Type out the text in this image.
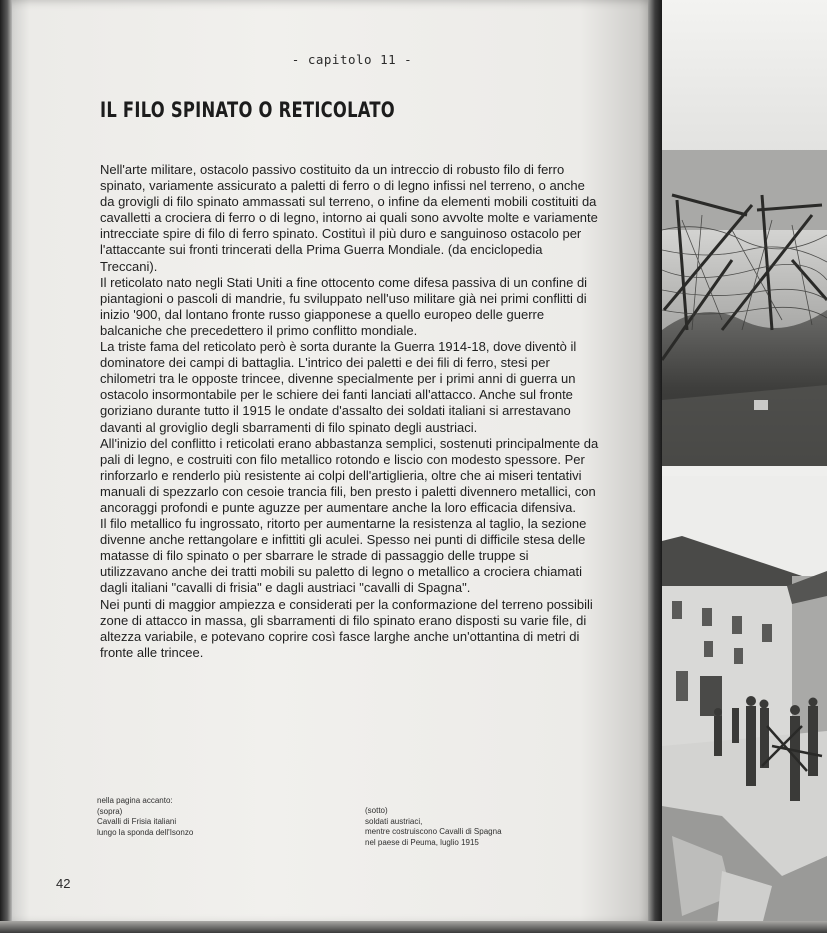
- capitolo 11 -
IL FILO SPINATO O RETICOLATO

Nell'arte militare, ostacolo passivo costituito da un intreccio di robusto filo di ferro spinato, variamente assicurato a paletti di ferro o di legno infissi nel terreno, o anche da grovigli di filo spinato ammassati sul terreno, o infine da elementi mobili costituiti da cavalletti a crociera di ferro o di legno, intorno ai quali sono avvolte molte e variamente intrecciate spire di filo di ferro spinato. Costituì il più duro e sanguinoso ostacolo per l'attaccante sui fronti trincerati della Prima Guerra Mondiale. (da enciclopedia Treccani).

Il reticolato nato negli Stati Uniti a fine ottocento come difesa passiva di un confine di piantagioni o pascoli di mandrie, fu sviluppato nell'uso militare già nei primi conflitti di inizio '900, dal lontano fronte russo giapponese a quello europeo delle guerre balcaniche che precedettero il primo conflitto mondiale.

La triste fama del reticolato però è sorta durante la Guerra 1914-18, dove diventò il dominatore dei campi di battaglia. L'intrico dei paletti e dei fili di ferro, stesi per chilometri tra le opposte trincee, divenne specialmente per i primi anni di guerra un ostacolo insormontabile per le schiere dei fanti lanciati all'attacco. Anche sul fronte goriziano durante tutto il 1915 le ondate d'assalto dei soldati italiani si arrestavano davanti al groviglio degli sbarramenti di filo spinato degli austriaci.

All'inizio del conflitto i reticolati erano abbastanza semplici, sostenuti principalmente da pali di legno, e costruiti con filo metallico rotondo e liscio con modesto spessore. Per rinforzarlo e renderlo più resistente ai colpi dell'artiglieria, oltre che ai miseri tentativi manuali di spezzarlo con cesoie trancia fili, ben presto i paletti divennero metallici, con ancoraggi profondi e punte aguzze per aumentare anche la loro efficacia difensiva.

Il filo metallico fu ingrossato, ritorto per aumentarne la resistenza al taglio, la sezione divenne anche rettangolare e infittiti gli aculei. Spesso nei punti di difficile stesa delle matasse di filo spinato o per sbarrare le strade di passaggio delle truppe si utilizzavano anche dei tratti mobili su paletto di legno o metallico a crociera chiamati dagli italiani "cavalli di frisia" e dagli austriaci "cavalli di Spagna".

Nei punti di maggior ampiezza e considerati per la conformazione del terreno possibili zone di attacco in massa, gli sbarramenti di filo spinato erano disposti su varie file, di altezza variabile, e potevano coprire così fasce larghe anche un'ottantina di metri di fronte alle trincee.

nella pagina accanto:
(sopra)
Cavalli di Frisia italiani
lungo la sponda dell'Isonzo
(sotto)
soldati austriaci,
mentre costruiscono Cavalli di Spagna
nel paese di Peuma, luglio 1915
42
